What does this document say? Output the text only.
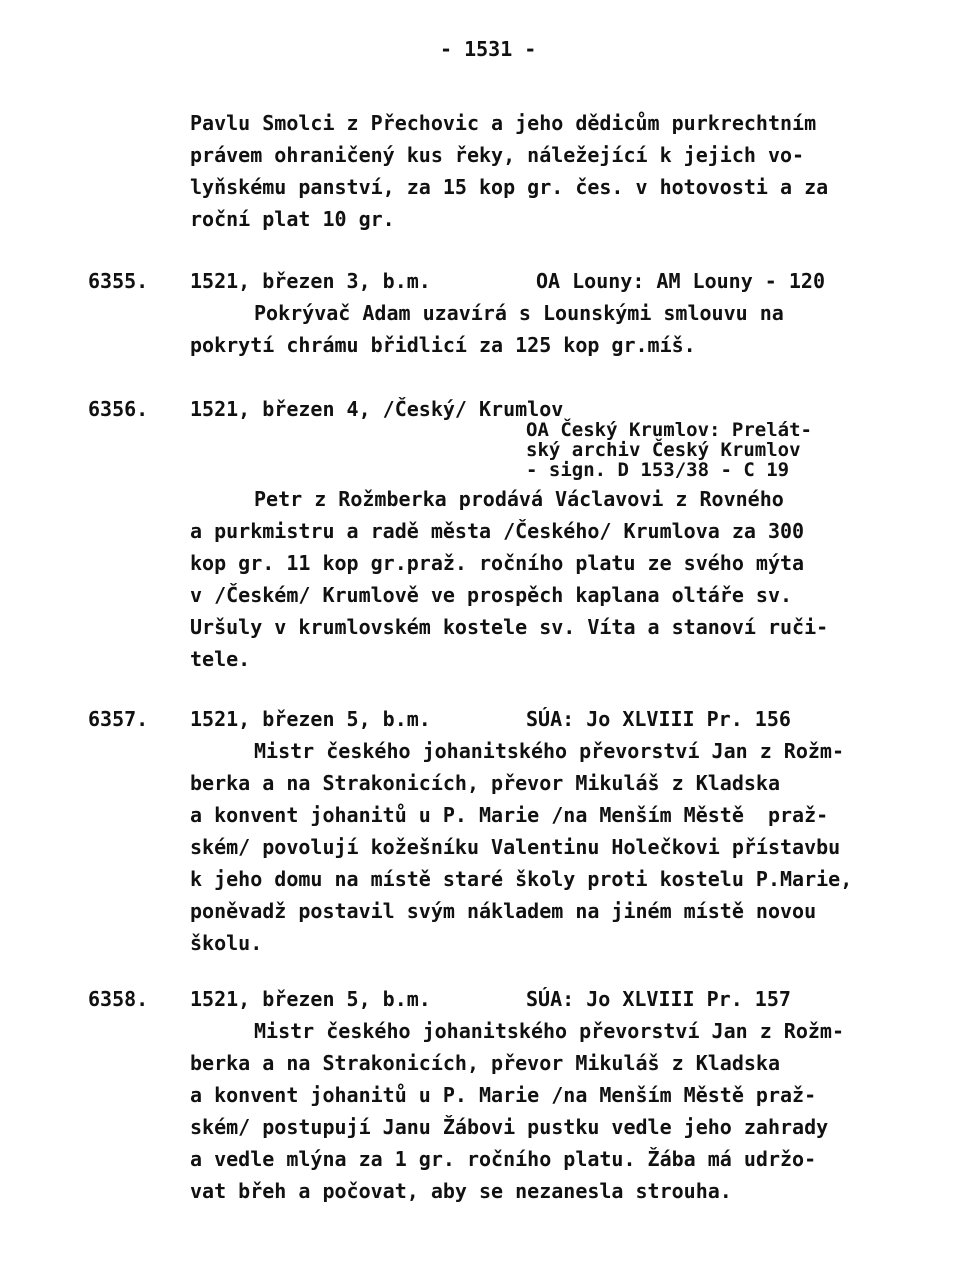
- 1531 -
Pavlu Smolci z Přechovic a jeho dědicům purkrechtním
právem ohraničený kus řeky, náležející k jejich vo-
lyňskému panství, za 15 kop gr. čes. v hotovosti a za
roční plat 10 gr.
6355. 1521, březen 3, b.m.	OA Louny: AM Louny - 120
Pokrývač Adam uzavírá s Lounskými smlouvu na
pokrytí chrámu břidlicí za 125 kop gr.míš.
6356. 1521, březen 4, /Český/ Krumlov
OA Český Krumlov: Prelát-
ský archiv Český Krumlov
- sign. D 153/38 - C 19
Petr z Rožmberka prodává Václavovi z Rovného
a purkmistru a radě města /Českého/ Krumlova za 300
kop gr. 11 kop gr.praž. ročního platu ze svého mýta
v /Českém/ Krumlově ve prospěch kaplana oltáře sv.
Uršuly v krumlovském kostele sv. Víta a stanoví ruči-
tele.
6357. 1521, březen 5, b.m.	SÚA: Jo XLVIII Pr. 156
Mistr českého johanitského převorství Jan z Rožm-
berka a na Strakonicích, převor Mikuláš z Kladska
a konvent johanitů u P. Marie /na Menším Městě  praž-
ském/ povolují kožešníku Valentinu Holečkovi přístavbu
k jeho domu na místě staré školy proti kostelu P.Marie,
poněvadž postavil svým nákladem na jiném místě novou
školu.
6358. 1521, březen 5, b.m.	SÚA: Jo XLVIII Pr. 157
Mistr českého johanitského převorství Jan z Rožm-
berka a na Strakonicích, převor Mikuláš z Kladska
a konvent johanitů u P. Marie /na Menším Městě praž-
ském/ postupují Janu Žábovi pustku vedle jeho zahrady
a vedle mlýna za 1 gr. ročního platu. Žába má udržo-
vat břeh a počovat, aby se nezanesla strouha.
